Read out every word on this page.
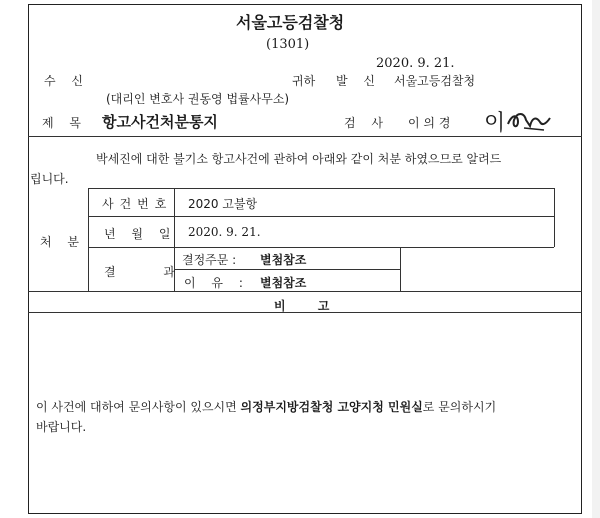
서울고등검찰청
(1301)
2020. 9. 21.
수 신	귀하 발 신 서울고등검찰청
(대리인 변호사 권동영 법률사무소)
제 목 항고사건처분통지	검 사 이 의 경 이
박세진에 대한 불기소 항고사건에 관하여 아래와 같이 처분 하였으므로 알려드
립니다.
처 분
사건번호 2020 고불항
년 월 일 2020. 9. 21.
결 과
결정주문 : 별첨참조
이 유 : 별첨참조
비 고
이 사건에 대하여 문의사항이 있으시면 의정부지방검찰청 고양지청 민원실로 문의하시기
바랍니다.
